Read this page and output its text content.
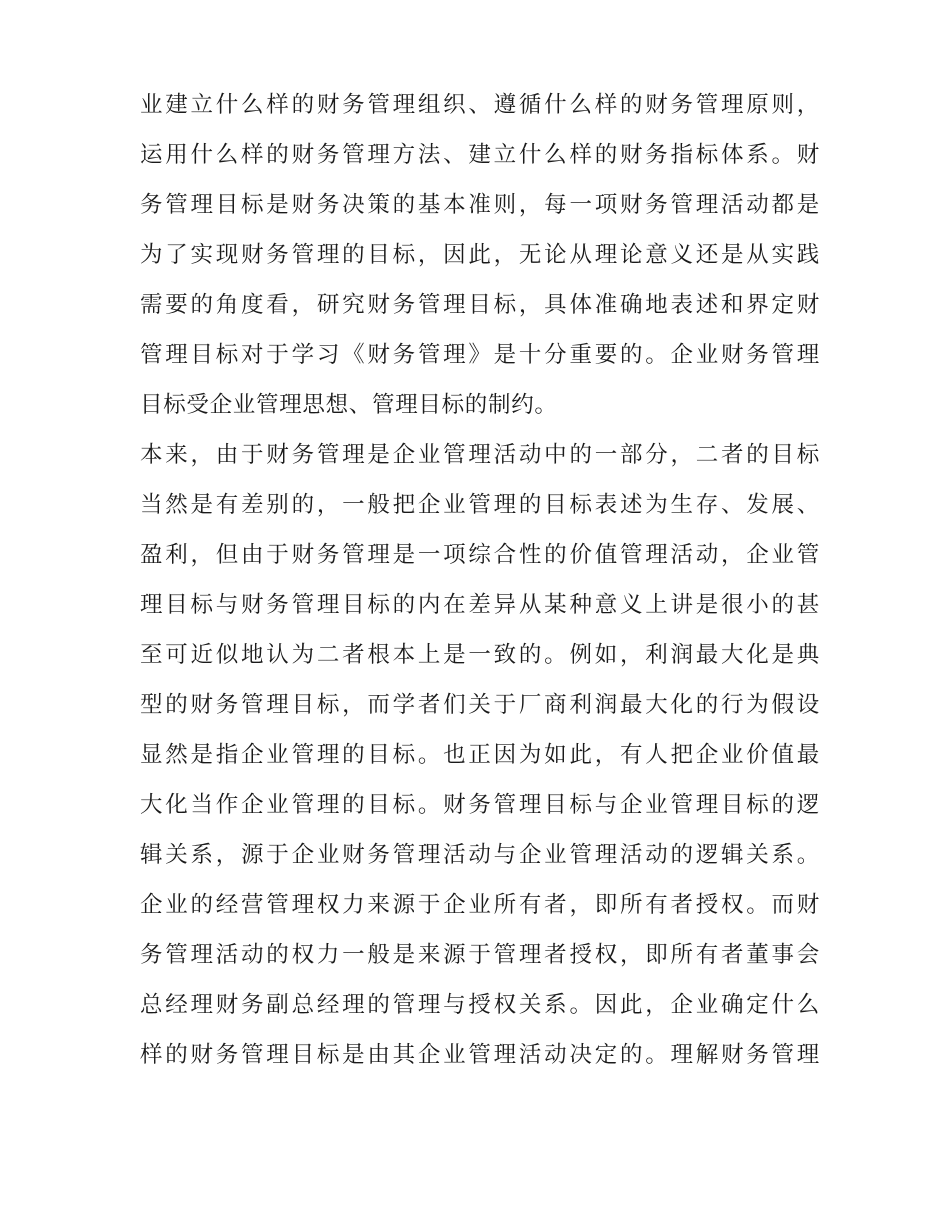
业建立什么样的财务管理组织、遵循什么样的财务管理原则，
运用什么样的财务管理方法、建立什么样的财务指标体系。财
务管理目标是财务决策的基本准则，每一项财务管理活动都是
为了实现财务管理的目标，因此，无论从理论意义还是从实践
需要的角度看，研究财务管理目标，具体准确地表述和界定财
管理目标对于学习《财务管理》是十分重要的。企业财务管理
目标受企业管理思想、管理目标的制约。
本来，由于财务管理是企业管理活动中的一部分，二者的目标
当然是有差别的，一般把企业管理的目标表述为生存、发展、
盈利，但由于财务管理是一项综合性的价值管理活动，企业管
理目标与财务管理目标的内在差异从某种意义上讲是很小的甚
至可近似地认为二者根本上是一致的。例如，利润最大化是典
型的财务管理目标，而学者们关于厂商利润最大化的行为假设
显然是指企业管理的目标。也正因为如此，有人把企业价值最
大化当作企业管理的目标。财务管理目标与企业管理目标的逻
辑关系，源于企业财务管理活动与企业管理活动的逻辑关系。
企业的经营管理权力来源于企业所有者，即所有者授权。而财
务管理活动的权力一般是来源于管理者授权，即所有者董事会
总经理财务副总经理的管理与授权关系。因此，企业确定什么
样的财务管理目标是由其企业管理活动决定的。理解财务管理
